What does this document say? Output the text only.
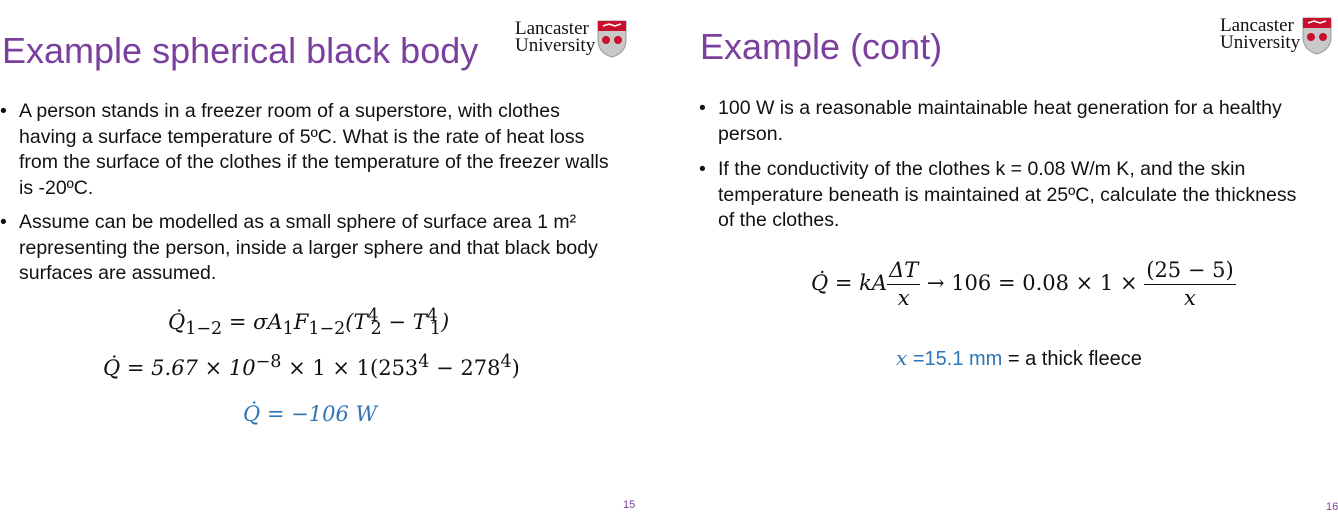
Example spherical black body
Lancaster
University
• A person stands in a freezer room of a superstore, with clothes having a surface temperature of 5ºC. What is the rate of heat loss from the surface of the clothes if the temperature of the freezer walls is -20ºC.
• Assume can be modelled as a small sphere of surface area 1 m² representing the person, inside a larger sphere and that black body surfaces are assumed.
$Q̇_{1-2} = \sigma A_1F_{1-2}(T^4_2 - T^4_1)$
Q̇ = $5.67 \times 10^{-8} \times 1 \times 1(253^4 - 278^4)$
Q̇ = −106 W
15
Example (cont)
Lancaster
University
• 100 W is a reasonable maintainable heat generation for a healthy person.
• If the conductivity of the clothes k = 0.08 W/m K, and the skin temperature beneath is maintained at 25ºC, calculate the thickness of the clothes.
Q̇ = kA $\frac{\Delta T}{x} \to 106 = 0.08 \times 1 \times \frac{(25 - 5)}{x}$
x =15.1 mm = a thick fleece
16
